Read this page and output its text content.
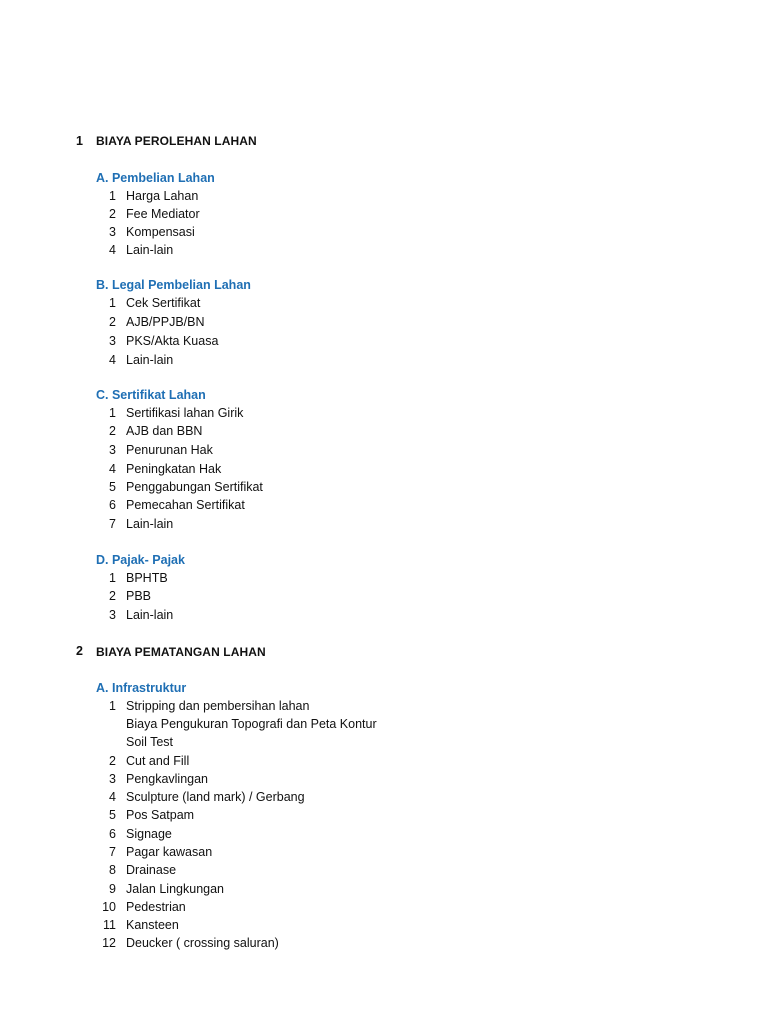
1 BIAYA PEROLEHAN LAHAN
A. Pembelian Lahan
1 Harga Lahan
2 Fee Mediator
3 Kompensasi
4 Lain-lain
B. Legal Pembelian Lahan
1 Cek Sertifikat
2 AJB/PPJB/BN
3 PKS/Akta Kuasa
4 Lain-lain
C. Sertifikat Lahan
1 Sertifikasi lahan Girik
2 AJB dan BBN
3 Penurunan Hak
4 Peningkatan Hak
5 Penggabungan Sertifikat
6 Pemecahan Sertifikat
7 Lain-lain
D. Pajak- Pajak
1 BPHTB
2 PBB
3 Lain-lain
2 BIAYA PEMATANGAN LAHAN
A. Infrastruktur
1 Stripping dan pembersihan lahan
Biaya Pengukuran Topografi dan Peta Kontur
Soil Test
2 Cut and Fill
3 Pengkavlingan
4 Sculpture (land mark) / Gerbang
5 Pos Satpam
6 Signage
7 Pagar kawasan
8 Drainase
9 Jalan Lingkungan
10 Pedestrian
11 Kansteen
12 Deucker ( crossing saluran)
